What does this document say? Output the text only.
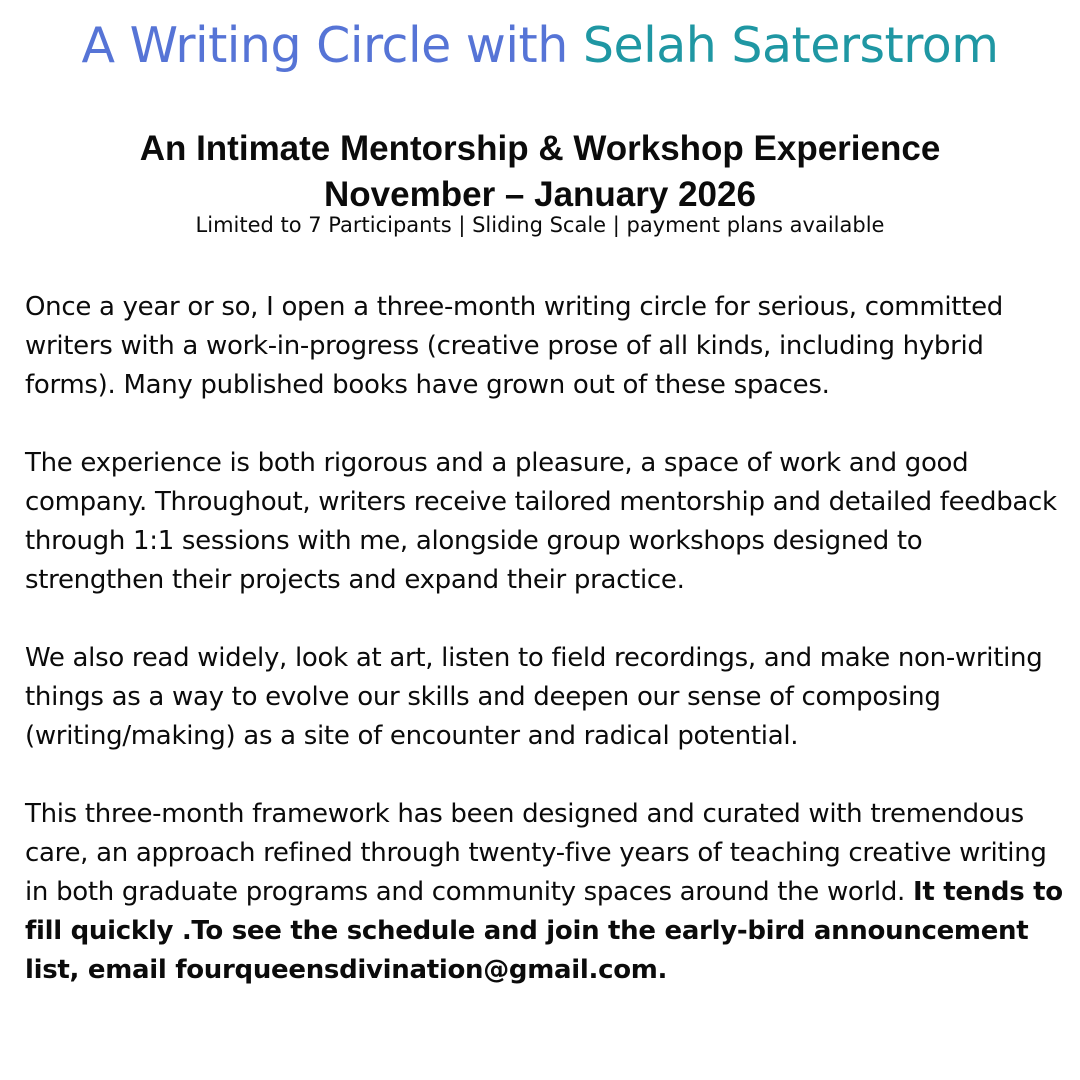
A Writing Circle with Selah Saterstrom
An Intimate Mentorship & Workshop Experience
November – January 2026
Limited to 7 Participants | Sliding Scale | payment plans available

Once a year or so, I open a three-month writing circle for serious, committed writers with a work-in-progress (creative prose of all kinds, including hybrid forms). Many published books have grown out of these spaces.

The experience is both rigorous and a pleasure, a space of work and good company. Throughout, writers receive tailored mentorship and detailed feedback through 1:1 sessions with me, alongside group workshops designed to strengthen their projects and expand their practice.

We also read widely, look at art, listen to field recordings, and make non-writing things as a way to evolve our skills and deepen our sense of composing (writing/making) as a site of encounter and radical potential.

This three-month framework has been designed and curated with tremendous care, an approach refined through twenty-five years of teaching creative writing in both graduate programs and community spaces around the world. It tends to fill quickly .To see the schedule and join the early-bird announcement list, email fourqueensdivination@gmail.com.
